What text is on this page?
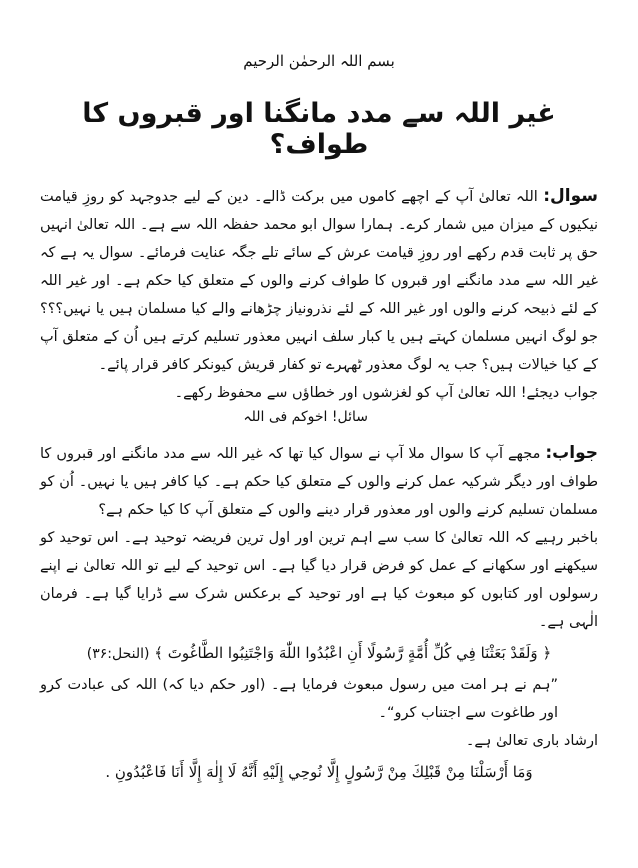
بسم اللہ الرحمٰن الرحیم
غیر اللہ سے مدد مانگنا اور قبروں کا طواف؟

سوال: اللہ تعالیٰ آپ کے اچھے کاموں میں برکت ڈالے۔ دین کے لیے جدوجہد کو روزِ قیامت نیکیوں کے میزان میں شمار کرے۔ ہمارا سوال ابو محمد حفظہ اللہ سے ہے۔ اللہ تعالیٰ انہیں حق پر ثابت قدم رکھے اور روزِ قیامت عرش کے سائے تلے جگہ عنایت فرمائے۔ سوال یہ ہے کہ غیر اللہ سے مدد مانگنے اور قبروں کا طواف کرنے والوں کے متعلق کیا حکم ہے۔ اور غیر اللہ کے لئے ذبیحہ کرنے والوں اور غیر اللہ کے لئے نذرونیاز چڑھانے والے کیا مسلمان ہیں یا نہیں؟؟؟ جو لوگ انہیں مسلمان کہتے ہیں یا کبار سلف انہیں معذور تسلیم کرتے ہیں اُن کے متعلق آپ کے کیا خیالات ہیں؟ جب یہ لوگ معذور ٹھہرے تو کفار قریش کیونکر کافر قرار پائے۔

جواب دیجئے! اللہ تعالیٰ آپ کو لغزشوں اور خطاؤں سے محفوظ رکھے۔

سائل! اخوکم فی اللہ

جواب: مجھے آپ کا سوال ملا آپ نے سوال کیا تھا کہ غیر اللہ سے مدد مانگنے اور قبروں کا طواف اور دیگر شرکیہ عمل کرنے والوں کے متعلق کیا حکم ہے۔ کیا کافر ہیں یا نہیں۔ اُن کو مسلمان تسلیم کرنے والوں اور معذور قرار دینے والوں کے متعلق آپ کا کیا حکم ہے؟

باخبر رہیے کہ اللہ تعالیٰ کا سب سے اہم ترین اور اول ترین فریضہ توحید ہے۔ اس توحید کو سیکھنے اور سکھانے کے عمل کو فرض قرار دیا گیا ہے۔ اس توحید کے لیے تو اللہ تعالیٰ نے اپنے رسولوں اور کتابوں کو مبعوث کیا ہے اور توحید کے برعکس شرک سے ڈرایا گیا ہے۔ فرمان الٰہی ہے۔

﴿ وَلَقَدْ بَعَثْنَا فِي كُلِّ أُمَّةٍ رَّسُولًا أَنِ اعْبُدُوا اللّٰهَ وَاجْتَنِبُوا الطَّاغُوتَ ﴾ (النحل:۳۶)

”ہم نے ہر امت میں رسول مبعوث فرمایا ہے۔ (اور حکم دیا کہ) اللہ کی عبادت کرو اور طاغوت سے اجتناب کرو“۔

ارشاد باری تعالیٰ ہے۔

وَمَا أَرْسَلْنَا مِنْ قَبْلِكَ مِنْ رَّسُولٍ إِلَّا نُوحِي إِلَيْهِ أَنَّهُ لَا إِلٰهَ إِلَّا أَنَا فَاعْبُدُونِ .
